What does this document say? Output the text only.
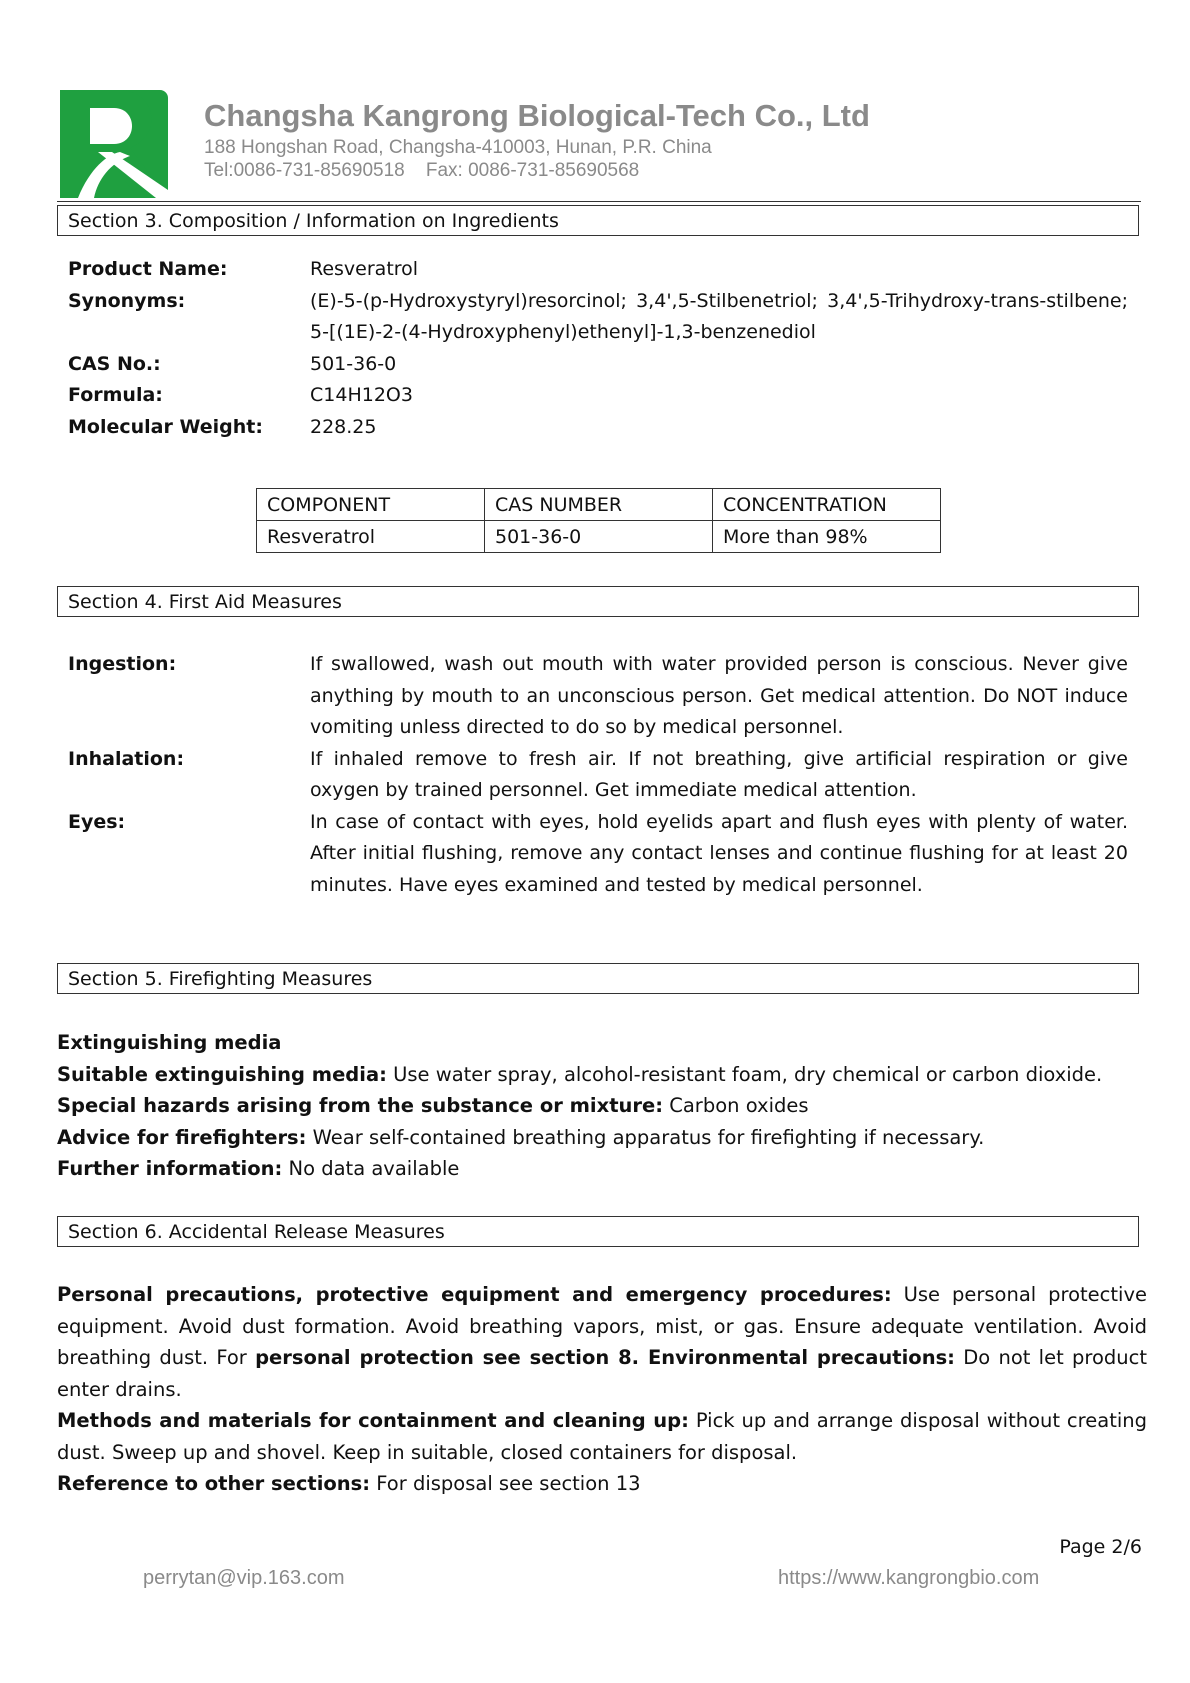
Changsha Kangrong Biological-Tech Co., Ltd
188 Hongshan Road, Changsha-410003, Hunan, P.R. China
Tel:0086-731-85690518 Fax: 0086-731-85690568
Section 3. Composition / Information on Ingredients
Product Name:	Resveratrol
Synonyms:	(E)-5-(p-Hydroxystyryl)resorcinol; 3,4',5-Stilbenetriol; 3,4',5-Trihydroxy-trans-stilbene; 5-[(1E)-2-(4-Hydroxyphenyl)ethenyl]-1,3-benzenediol
CAS No.:	501-36-0
Formula:	C14H12O3
Molecular Weight:	228.25
COMPONENT	CAS NUMBER	CONCENTRATION
Resveratrol	501-36-0	More than 98%
Section 4. First Aid Measures
Ingestion:	If swallowed, wash out mouth with water provided person is conscious. Never give anything by mouth to an unconscious person. Get medical attention. Do NOT induce vomiting unless directed to do so by medical personnel.
Inhalation:	If inhaled remove to fresh air. If not breathing, give artificial respiration or give oxygen by trained personnel. Get immediate medical attention.
Eyes:	In case of contact with eyes, hold eyelids apart and flush eyes with plenty of water. After initial flushing, remove any contact lenses and continue flushing for at least 20 minutes. Have eyes examined and tested by medical personnel.
Section 5. Firefighting Measures

Extinguishing media

Suitable extinguishing media: Use water spray, alcohol-resistant foam, dry chemical or carbon dioxide.

Special hazards arising from the substance or mixture: Carbon oxides

Advice for firefighters: Wear self-contained breathing apparatus for firefighting if necessary.

Further information: No data available

Section 6. Accidental Release Measures

Personal precautions, protective equipment and emergency procedures: Use personal protective equipment. Avoid dust formation. Avoid breathing vapors, mist, or gas. Ensure adequate ventilation. Avoid breathing dust. For personal protection see section 8. Environmental precautions: Do not let product enter drains.

Methods and materials for containment and cleaning up: Pick up and arrange disposal without creating dust. Sweep up and shovel. Keep in suitable, closed containers for disposal.

Reference to other sections: For disposal see section 13

Page 2/6
perrytan@vip.163.com	https://www.kangrongbio.com
